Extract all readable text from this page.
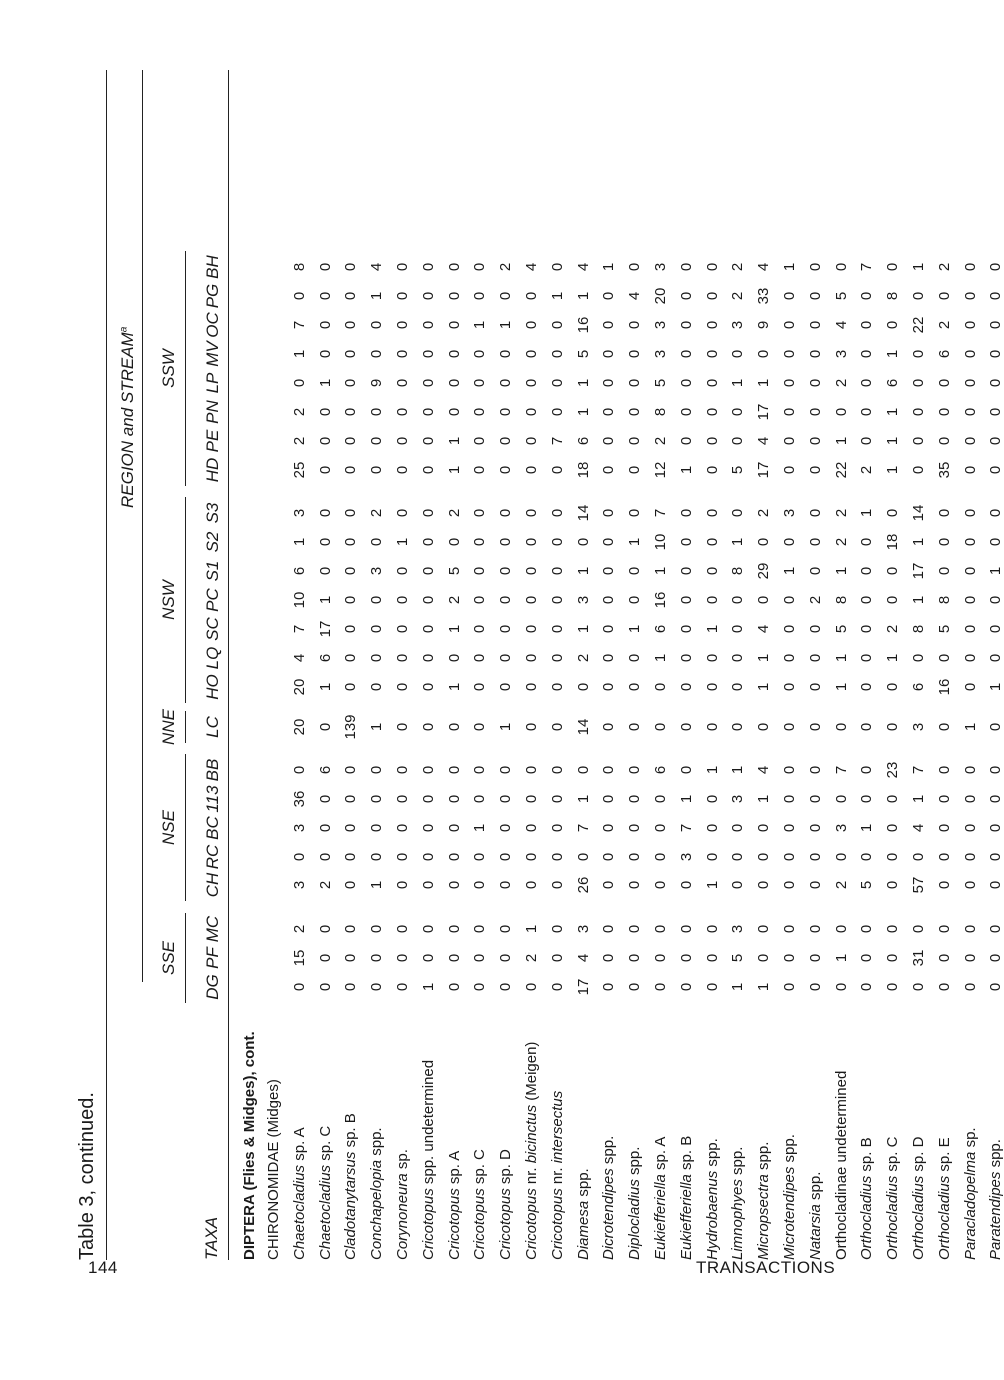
Table 3, continued.
REGION and STREAM$^a$
SSE
NSE
NNE
NSW
SSW
DG
PF
MC
CH
RC
BC
113
BB
LC
HO
LQ
SC
PC
S1
S2
S3
HD
PE
PN
LP
MV
OC
PG
BH
TAXA DIPTERA (Flies & Midges), cont. CHIRONOMIDAE (Midges)
Chaetocladius sp. A
0
15
2
3
0
3
36
0
20
20
4
7
10
6
1
3
25
2
2
0
1
7
0
8
Chaetocladius sp. C
0
0
0
2
0
0
0
6
0
1
6
17
1
0
0
0
0
0
0
1
0
0
0
0
Cladotanytarsus sp. B
0
0
0
0
0
0
0
0
139
0
0
0
0
0
0
0
0
0
0
0
0
0
0
0
Conchapelopia spp.
0
0
0
1
0
0
0
0
1
0
0
0
0
3
0
2
0
0
0
9
0
0
1
4
Corynoneura sp.
0
0
0
0
0
0
0
0
0
0
0
0
0
0
1
0
0
0
0
0
0
0
0
0
Cricotopus spp. undetermined
1
0
0
0
0
0
0
0
0
0
0
0
0
0
0
0
0
0
0
0
0
0
0
0
Cricotopus sp. A
0
0
0
0
0
0
0
0
0
1
0
1
2
5
0
2
1
1
0
0
0
0
0
0
Cricotopus sp. C
0
0
0
0
0
1
0
0
0
0
0
0
0
0
0
0
0
0
0
0
0
1
0
0
Cricotopus sp. D
0
0
0
0
0
0
0
0
1
0
0
0
0
0
0
0
0
0
0
0
0
1
0
2
Cricotopus nr. bicinctus (Meigen)
0
2
1
0
0
0
0
0
0
0
0
0
0
0
0
0
0
0
0
0
0
0
0
4
Cricotopus nr. intersectus
0
0
0
0
0
0
0
0
0
0
0
0
0
0
0
0
0
7
0
0
0
0
1
0
Diamesa spp.
17
4
3
26
0
7
1
0
14
0
2
1
3
1
0
14
18
6
1
1
5
16
1
4
Dicrotendipes spp.
0
0
0
0
0
0
0
0
0
0
0
0
0
0
0
0
0
0
0
0
0
0
0
1
Diplocladius spp.
0
0
0
0
0
0
0
0
0
0
0
1
0
0
1
0
0
0
0
0
0
0
4
0
Eukiefferiella sp. A
0
0
0
0
0
0
0
6
0
0
1
6
16
1
10
7
12
2
8
5
3
3
20
3
Eukiefferiella sp. B
0
0
0
0
3
7
1
0
0
0
0
0
0
0
0
0
1
0
0
0
0
0
0
0
Hydrobaenus spp.
0
0
0
1
0
0
0
1
0
0
0
1
0
0
0
0
0
0
0
0
0
0
0
0
Limnophyes spp.
1
5
3
0
0
0
3
1
0
0
0
0
0
8
1
0
5
0
0
1
0
3
2
2
Micropsectra spp.
1
0
0
0
0
0
1
4
0
1
1
4
0
29
0
2
17
4
17
1
0
9
33
4
Microtendipes spp.
0
0
0
0
0
0
0
0
0
0
0
0
0
1
0
3
0
0
0
0
0
0
0
1
Natarsia spp.
0
0
0
0
0
0
0
0
0
0
0
0
2
0
0
0
0
0
0
0
0
0
0
0
Orthocladinae undetermined
0
1
0
2
0
3
0
7
0
1
1
5
8
1
2
2
22
1
0
2
3
4
5
0
Orthocladius sp. B
0
0
0
5
0
1
0
0
0
0
0
0
0
0
0
1
2
0
0
0
0
0
0
7
Orthocladius sp. C
0
0
0
0
0
0
0
23
0
0
1
2
0
0
18
0
1
1
1
6
1
0
8
0
Orthocladius sp. D
0
31
0
57
0
4
1
7
3
6
0
8
1
17
1
14
0
0
0
0
0
22
0
1
Orthocladius sp. E
0
0
0
0
0
0
0
0
0
16
0
5
8
0
0
0
35
0
0
0
6
2
0
2
Paracladopelma sp.
0
0
0
0
0
0
0
0
1
0
0
0
0
0
0
0
0
0
0
0
0
0
0
0
Paratendipes spp.
0
0
0
0
0
0
0
0
0
1
0
0
0
1
0
0
0
0
0
0
0
0
0
0
144	TRANSACTIONS
